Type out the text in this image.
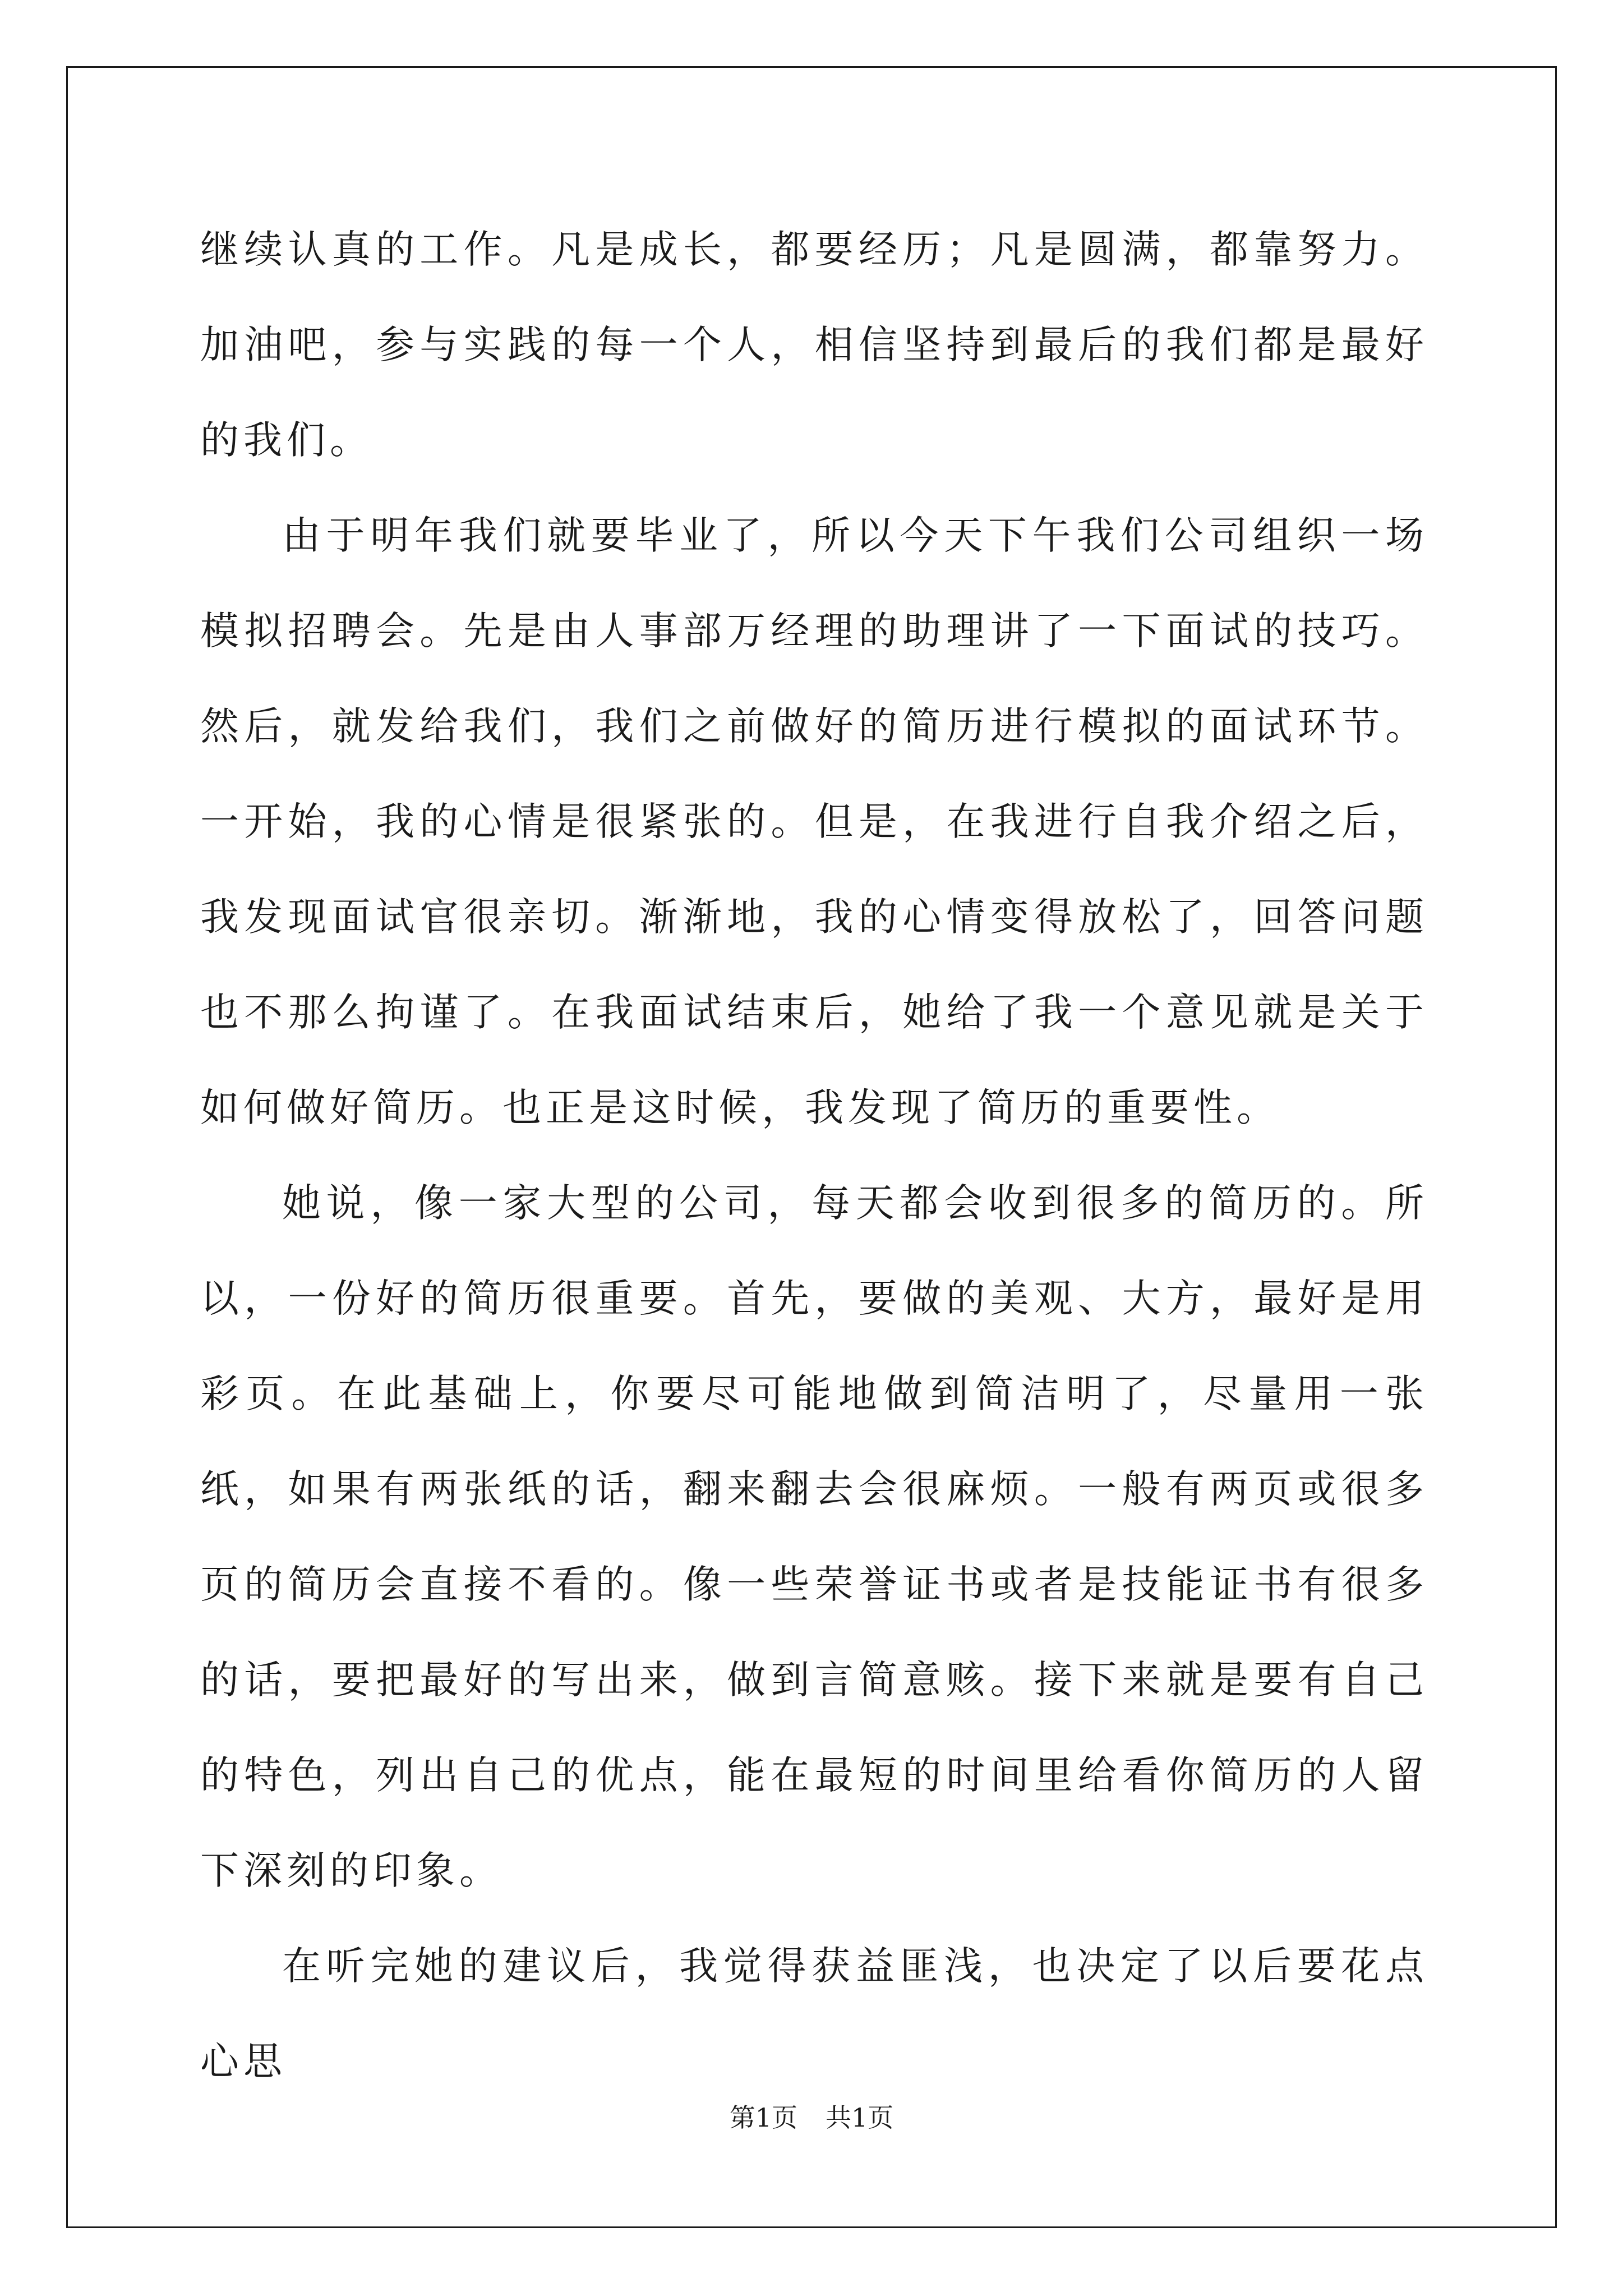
继续认真的工作。凡是成长，都要经历；凡是圆满，都靠努力。加油吧，参与实践的每一个人，相信坚持到最后的我们都是最好的我们。

由于明年我们就要毕业了，所以今天下午我们公司组织一场模拟招聘会。先是由人事部万经理的助理讲了一下面试的技巧。然后，就发给我们，我们之前做好的简历进行模拟的面试环节。一开始，我的心情是很紧张的。但是，在我进行自我介绍之后，我发现面试官很亲切。渐渐地，我的心情变得放松了，回答问题也不那么拘谨了。在我面试结束后，她给了我一个意见就是关于如何做好简历。也正是这时候，我发现了简历的重要性。

她说，像一家大型的公司，每天都会收到很多的简历的。所以，一份好的简历很重要。首先，要做的美观、大方，最好是用彩页。在此基础上，你要尽可能地做到简洁明了，尽量用一张纸，如果有两张纸的话，翻来翻去会很麻烦。一般有两页或很多页的简历会直接不看的。像一些荣誉证书或者是技能证书有很多的话，要把最好的写出来，做到言简意赅。接下来就是要有自己的特色，列出自己的优点，能在最短的时间里给看你简历的人留下深刻的印象。

在听完她的建议后，我觉得获益匪浅，也决定了以后要花点心思

第1页 共1页
